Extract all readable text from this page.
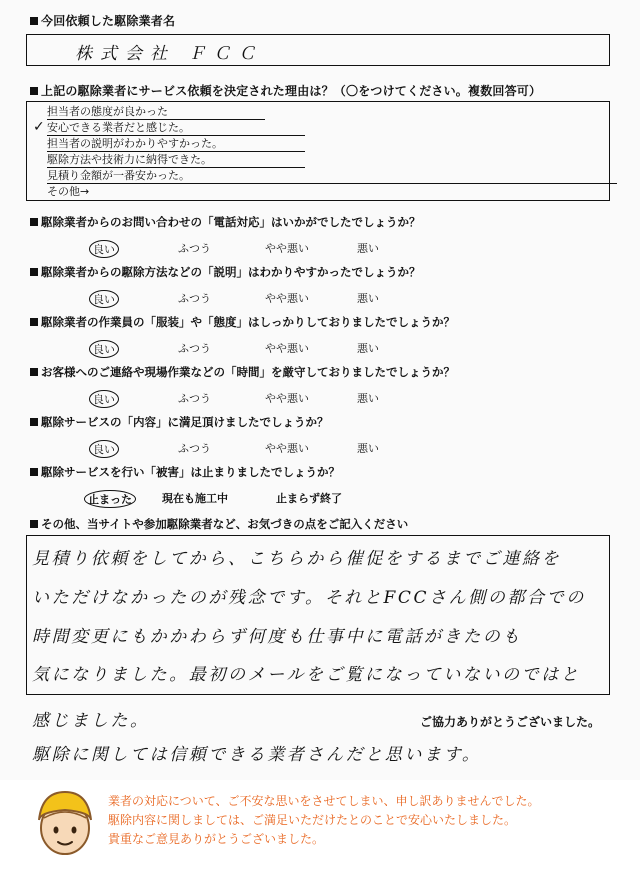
今回依頼した駆除業者名
株式会社 ＦＣＣ
上記の駆除業者にサービス依頼を決定された理由は？（〇をつけてください。複数回答可）
✓
担当者の態度が良かった
安心できる業者だと感じた。
担当者の説明がわかりやすかった。
駆除方法や技術力に納得できた。
見積り金額が一番安かった。
その他→
駆除業者からのお問い合わせの「電話対応」はいかがでしたでしょうか？
良い	ふつう	やや悪い	悪い
駆除業者からの駆除方法などの「説明」はわかりやすかったでしょうか？
良い	ふつう	やや悪い	悪い
駆除業者の作業員の「服装」や「態度」はしっかりしておりましたでしょうか？
良い	ふつう	やや悪い	悪い
お客様へのご連絡や現場作業などの「時間」を厳守しておりましたでしょうか？
良い	ふつう	やや悪い	悪い
駆除サービスの「内容」に満足頂けましたでしょうか？
良い	ふつう	やや悪い	悪い
駆除サービスを行い「被害」は止まりましたでしょうか？
止まった	現在も施工中	止まらず終了
その他、当サイトや参加駆除業者など、お気づきの点をご記入ください
見積り依頼をしてから、こちらから催促をするまでご連絡を
いただけなかったのが残念です。それとFCCさん側の都合での
時間変更にもかかわらず何度も仕事中に電話がきたのも
気になりました。最初のメールをご覧になっていないのではと
感じました。	ご協力ありがとうございました。
駆除に関しては信頼できる業者さんだと思います。
業者の対応について、ご不安な思いをさせてしまい、申し訳ありませんでした。
駆除内容に関しましては、ご満足いただけたとのことで安心いたしました。
貴重なご意見ありがとうございました。
